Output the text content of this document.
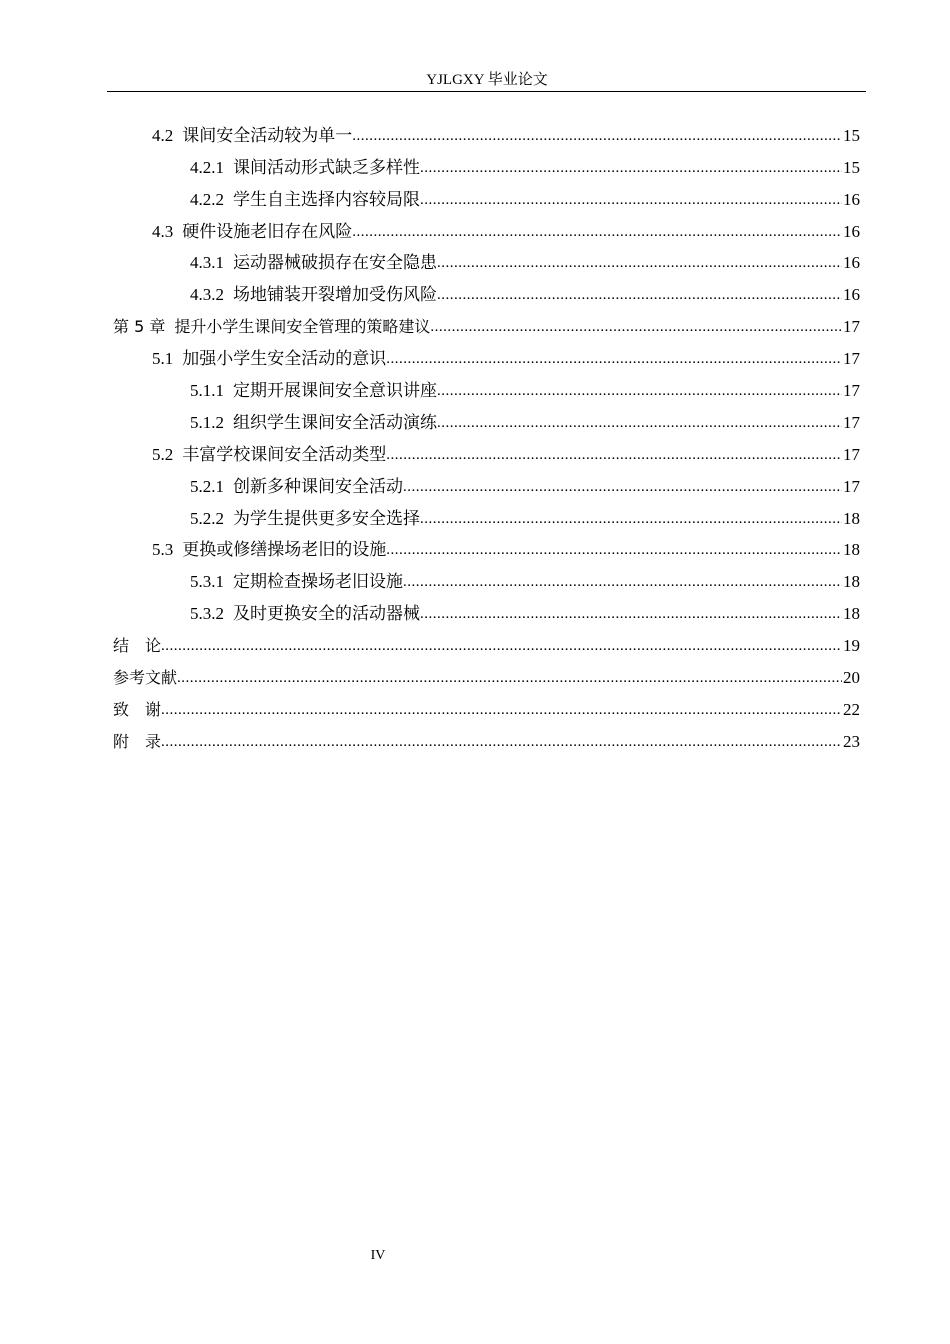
YJLGXY 毕业论文
4.2 课间安全活动较为单一 .....	15
4.2.1 课间活动形式缺乏多样性 .....	15
4.2.2 学生自主选择内容较局限 .....	16
4.3 硬件设施老旧存在风险 .....	16
4.3.1 运动器械破损存在安全隐患 .....	16
4.3.2 场地铺装开裂增加受伤风险 .....	16
第 5 章 提升小学生课间安全管理的策略建议 .....	17
5.1 加强小学生安全活动的意识 .....	17
5.1.1 定期开展课间安全意识讲座 .....	17
5.1.2 组织学生课间安全活动演练 .....	17
5.2 丰富学校课间安全活动类型 .....	17
5.2.1 创新多种课间安全活动 .....	17
5.2.2 为学生提供更多安全选择 .....	18
5.3 更换或修缮操场老旧的设施 .....	18
5.3.1 定期检查操场老旧设施 .....	18
5.3.2 及时更换安全的活动器械 .....	18
结　论 .....	19
参考文献 .....	20
致　谢 .....	22
附　录 .....	23
IV
